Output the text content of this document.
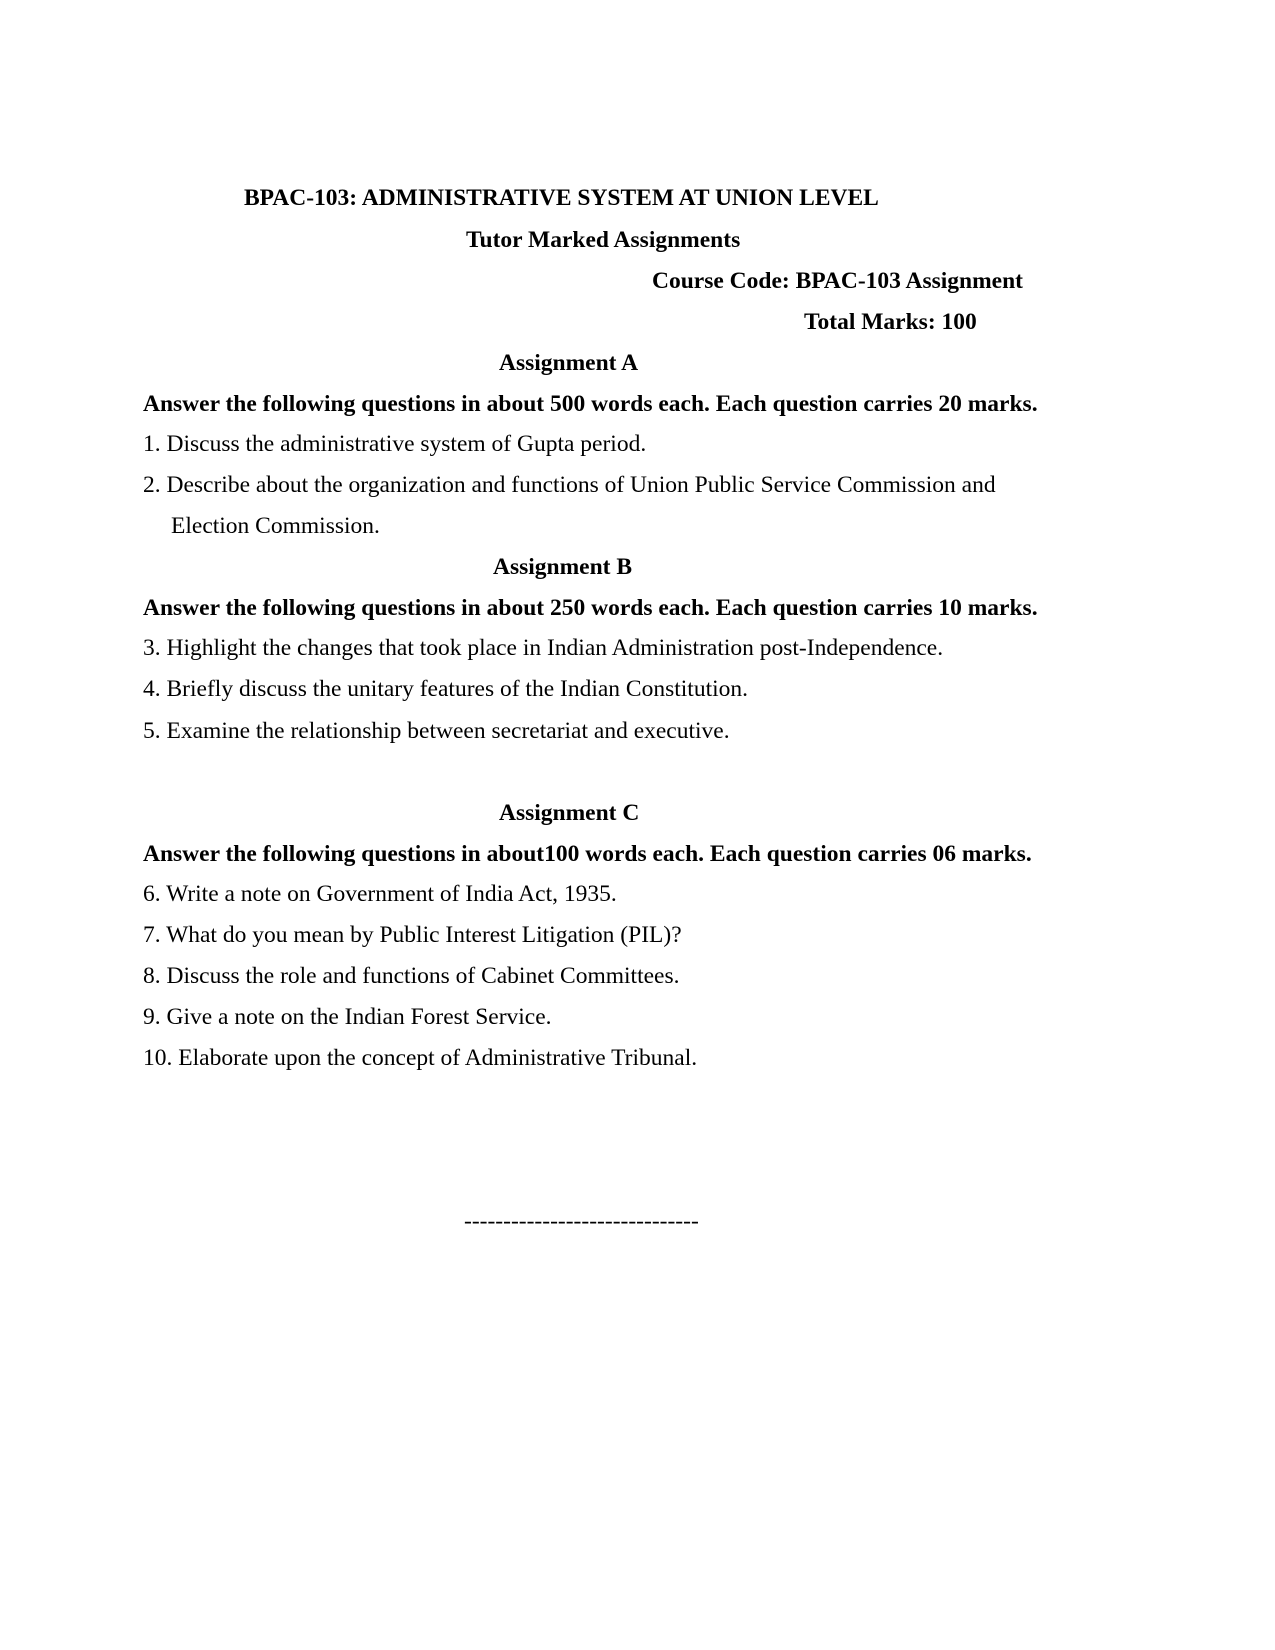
BPAC-103: ADMINISTRATIVE SYSTEM AT UNION LEVEL
Tutor Marked Assignments
Course Code: BPAC-103 Assignment
Total Marks: 100
Assignment A
Answer the following questions in about 500 words each. Each question carries 20 marks.
1. Discuss the administrative system of Gupta period.
2. Describe about the organization and functions of Union Public Service Commission and
Election Commission.
Assignment B
Answer the following questions in about 250 words each. Each question carries 10 marks.
3. Highlight the changes that took place in Indian Administration post-Independence.
4. Briefly discuss the unitary features of the Indian Constitution.
5. Examine the relationship between secretariat and executive.
Assignment C
Answer the following questions in about100 words each. Each question carries 06 marks.
6. Write a note on Government of India Act, 1935.
7. What do you mean by Public Interest Litigation (PIL)?
8. Discuss the role and functions of Cabinet Committees.
9. Give a note on the Indian Forest Service.
10. Elaborate upon the concept of Administrative Tribunal.
------------------------------
